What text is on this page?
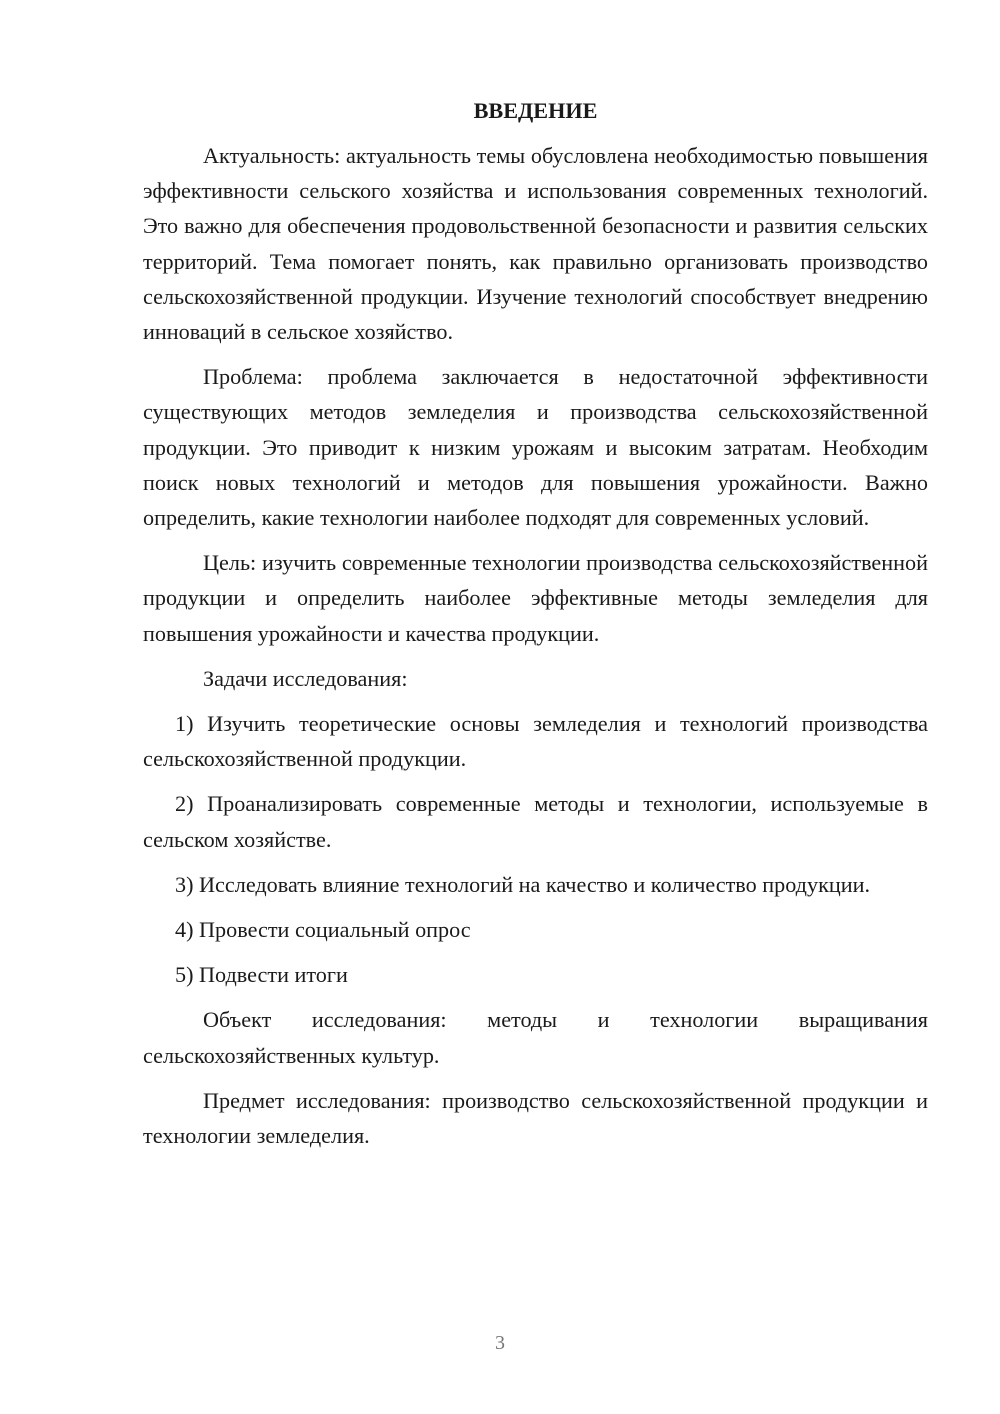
ВВЕДЕНИЕ

Актуальность: актуальность темы обусловлена необходимостью повышения эффективности сельского хозяйства и использования современных технологий. Это важно для обеспечения продовольственной безопасности и развития сельских территорий. Тема помогает понять, как правильно организовать производство сельскохозяйственной продукции. Изучение технологий способствует внедрению инноваций в сельское хозяйство.

Проблема: проблема заключается в недостаточной эффективности существующих методов земледелия и производства сельскохозяйственной продукции. Это приводит к низким урожаям и высоким затратам. Необходим поиск новых технологий и методов для повышения урожайности. Важно определить, какие технологии наиболее подходят для современных условий.

Цель: изучить современные технологии производства сельскохозяйственной продукции и определить наиболее эффективные методы земледелия для повышения урожайности и качества продукции.

Задачи исследования:

1) Изучить теоретические основы земледелия и технологий производства сельскохозяйственной продукции.

2) Проанализировать современные методы и технологии, используемые в сельском хозяйстве.

3) Исследовать влияние технологий на качество и количество продукции.

4) Провести социальный опрос

5) Подвести итоги

Объект исследования: методы и технологии выращивания сельскохозяйственных культур.

Предмет исследования: производство сельскохозяйственной продукции и технологии земледелия.

3
